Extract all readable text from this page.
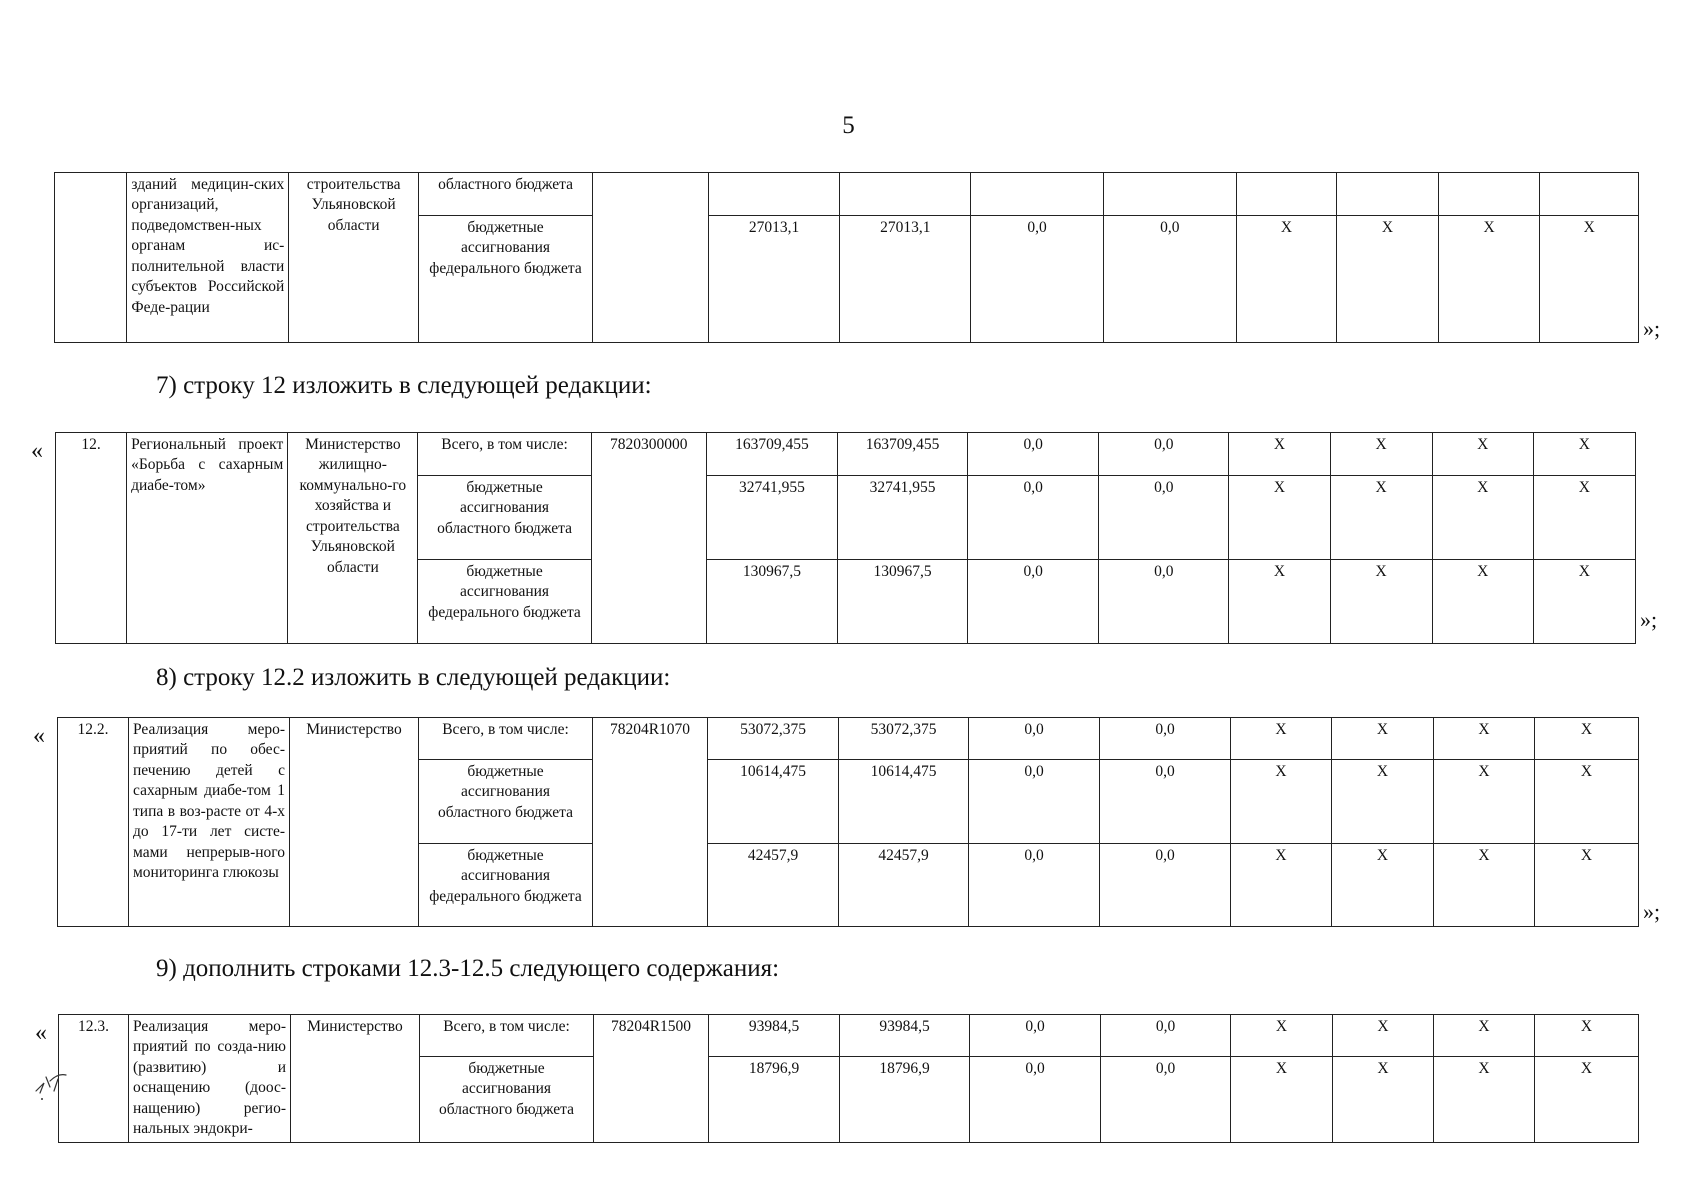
5
	зданий медицин-ских организаций, подведомствен-ных органам ис-полнительной власти субъектов Российской Феде-рации	строительства Ульяновской области	областного бюджета									
			бюджетные ассигнования федерального бюджета		27013,1	27013,1	0,0	0,0	X	X	X	X
»;
7) строку 12 изложить в следующей редакции:
« 12.	Региональный проект «Борьба с сахарным диабе-том»	Министерство жилищно-коммунально-го хозяйства и строительства Ульяновской области	Всего, в том числе:	7820300000	163709,455	163709,455	0,0	0,0	X	X	X	X
			бюджетные ассигнования областного бюджета		32741,955	32741,955	0,0	0,0	X	X	X	X
			бюджетные ассигнования федерального бюджета		130967,5	130967,5	0,0	0,0	X	X	X	X
»;
8) строку 12.2 изложить в следующей редакции:
« 12.2.	Реализация меро-приятий по обес-печению детей с сахарным диабе-том 1 типа в воз-расте от 4-х до 17-ти лет систе-мами непрерыв-ного мониторинга глюкозы	Министерство	Всего, в том числе:	78204R1070	53072,375	53072,375	0,0	0,0	X	X	X	X
			бюджетные ассигнования областного бюджета		10614,475	10614,475	0,0	0,0	X	X	X	X
			бюджетные ассигнования федерального бюджета		42457,9	42457,9	0,0	0,0	X	X	X	X
»;
9) дополнить строками 12.3-12.5 следующего содержания:
« 12.3.	Реализация меро-приятий по созда-нию (развитию) и оснащению (доос-нащению) регио-нальных эндокри-	Министерство	Всего, в том числе:	78204R1500	93984,5	93984,5	0,0	0,0	X	X	X	X
			бюджетные ассигнования областного бюджета		18796,9	18796,9	0,0	0,0	X	X	X	X
